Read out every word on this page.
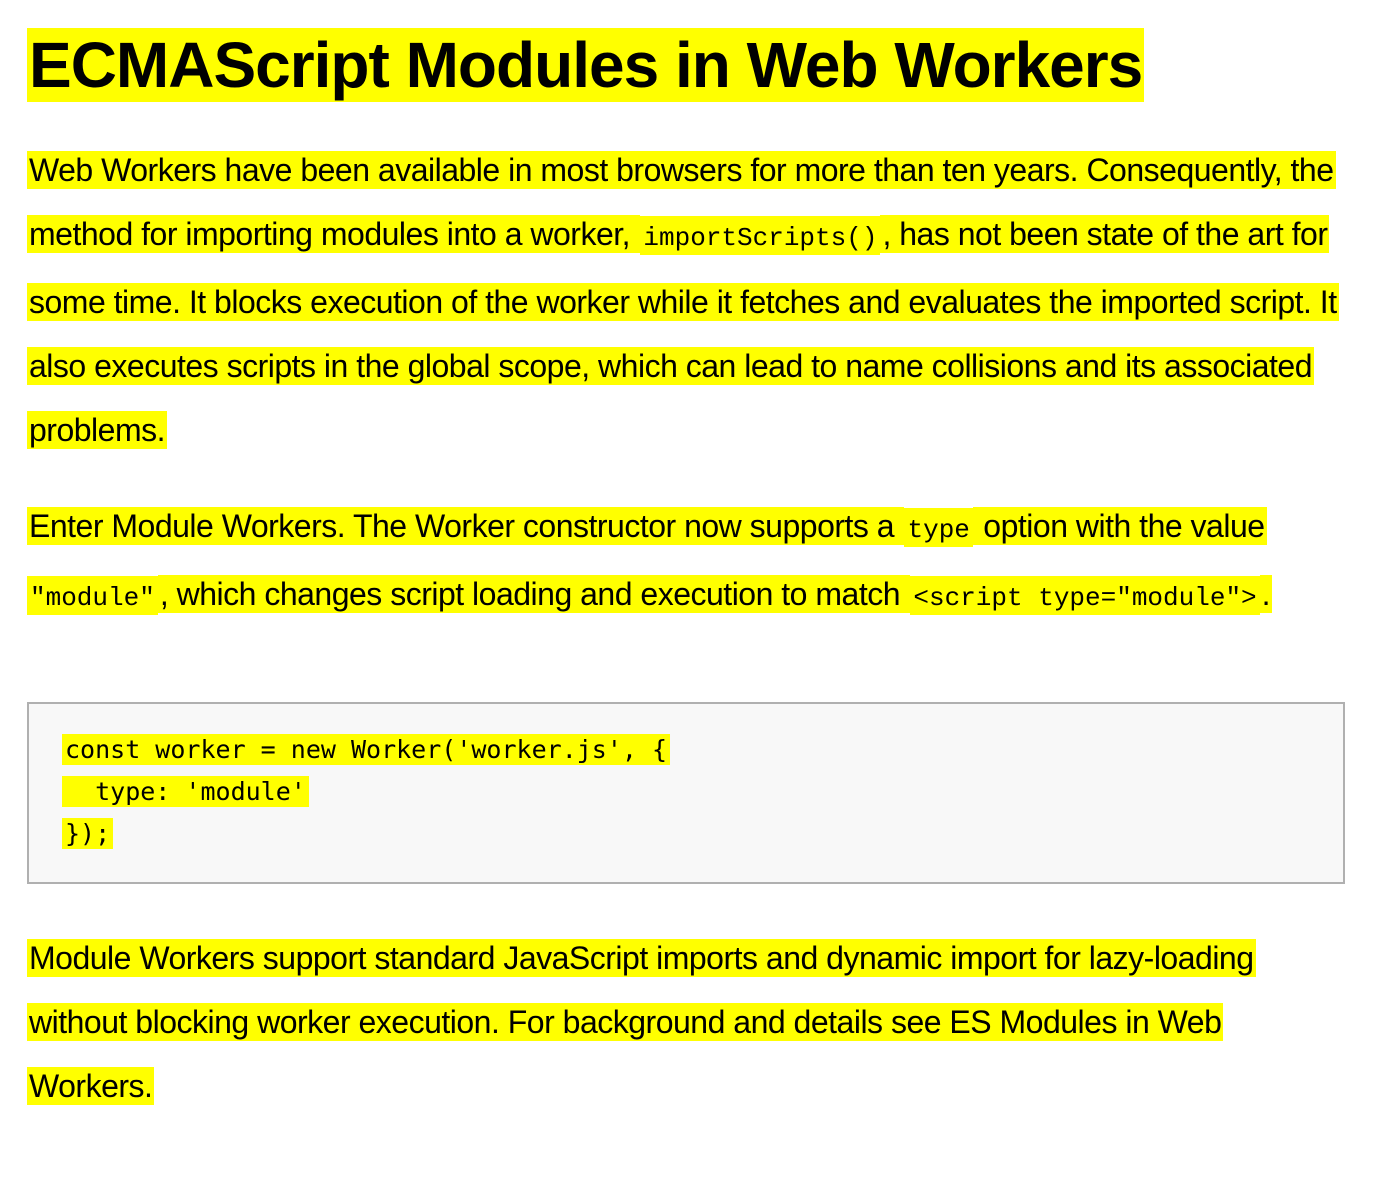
ECMAScript Modules in Web Workers

Web Workers have been available in most browsers for more than ten years. Consequently, the method for importing modules into a worker, importScripts() , has not been state of the art for some time. It blocks execution of the worker while it fetches and evaluates the imported script. It also executes scripts in the global scope, which can lead to name collisions and its associated problems.

Enter Module Workers. The Worker constructor now supports a type option with the value "module" , which changes script loading and execution to match <script type="module"> .

const worker = new Worker('worker.js', {
type: 'module'
});

Module Workers support standard JavaScript imports and dynamic import for lazy-loading without blocking worker execution. For background and details see ES Modules in Web Workers.
